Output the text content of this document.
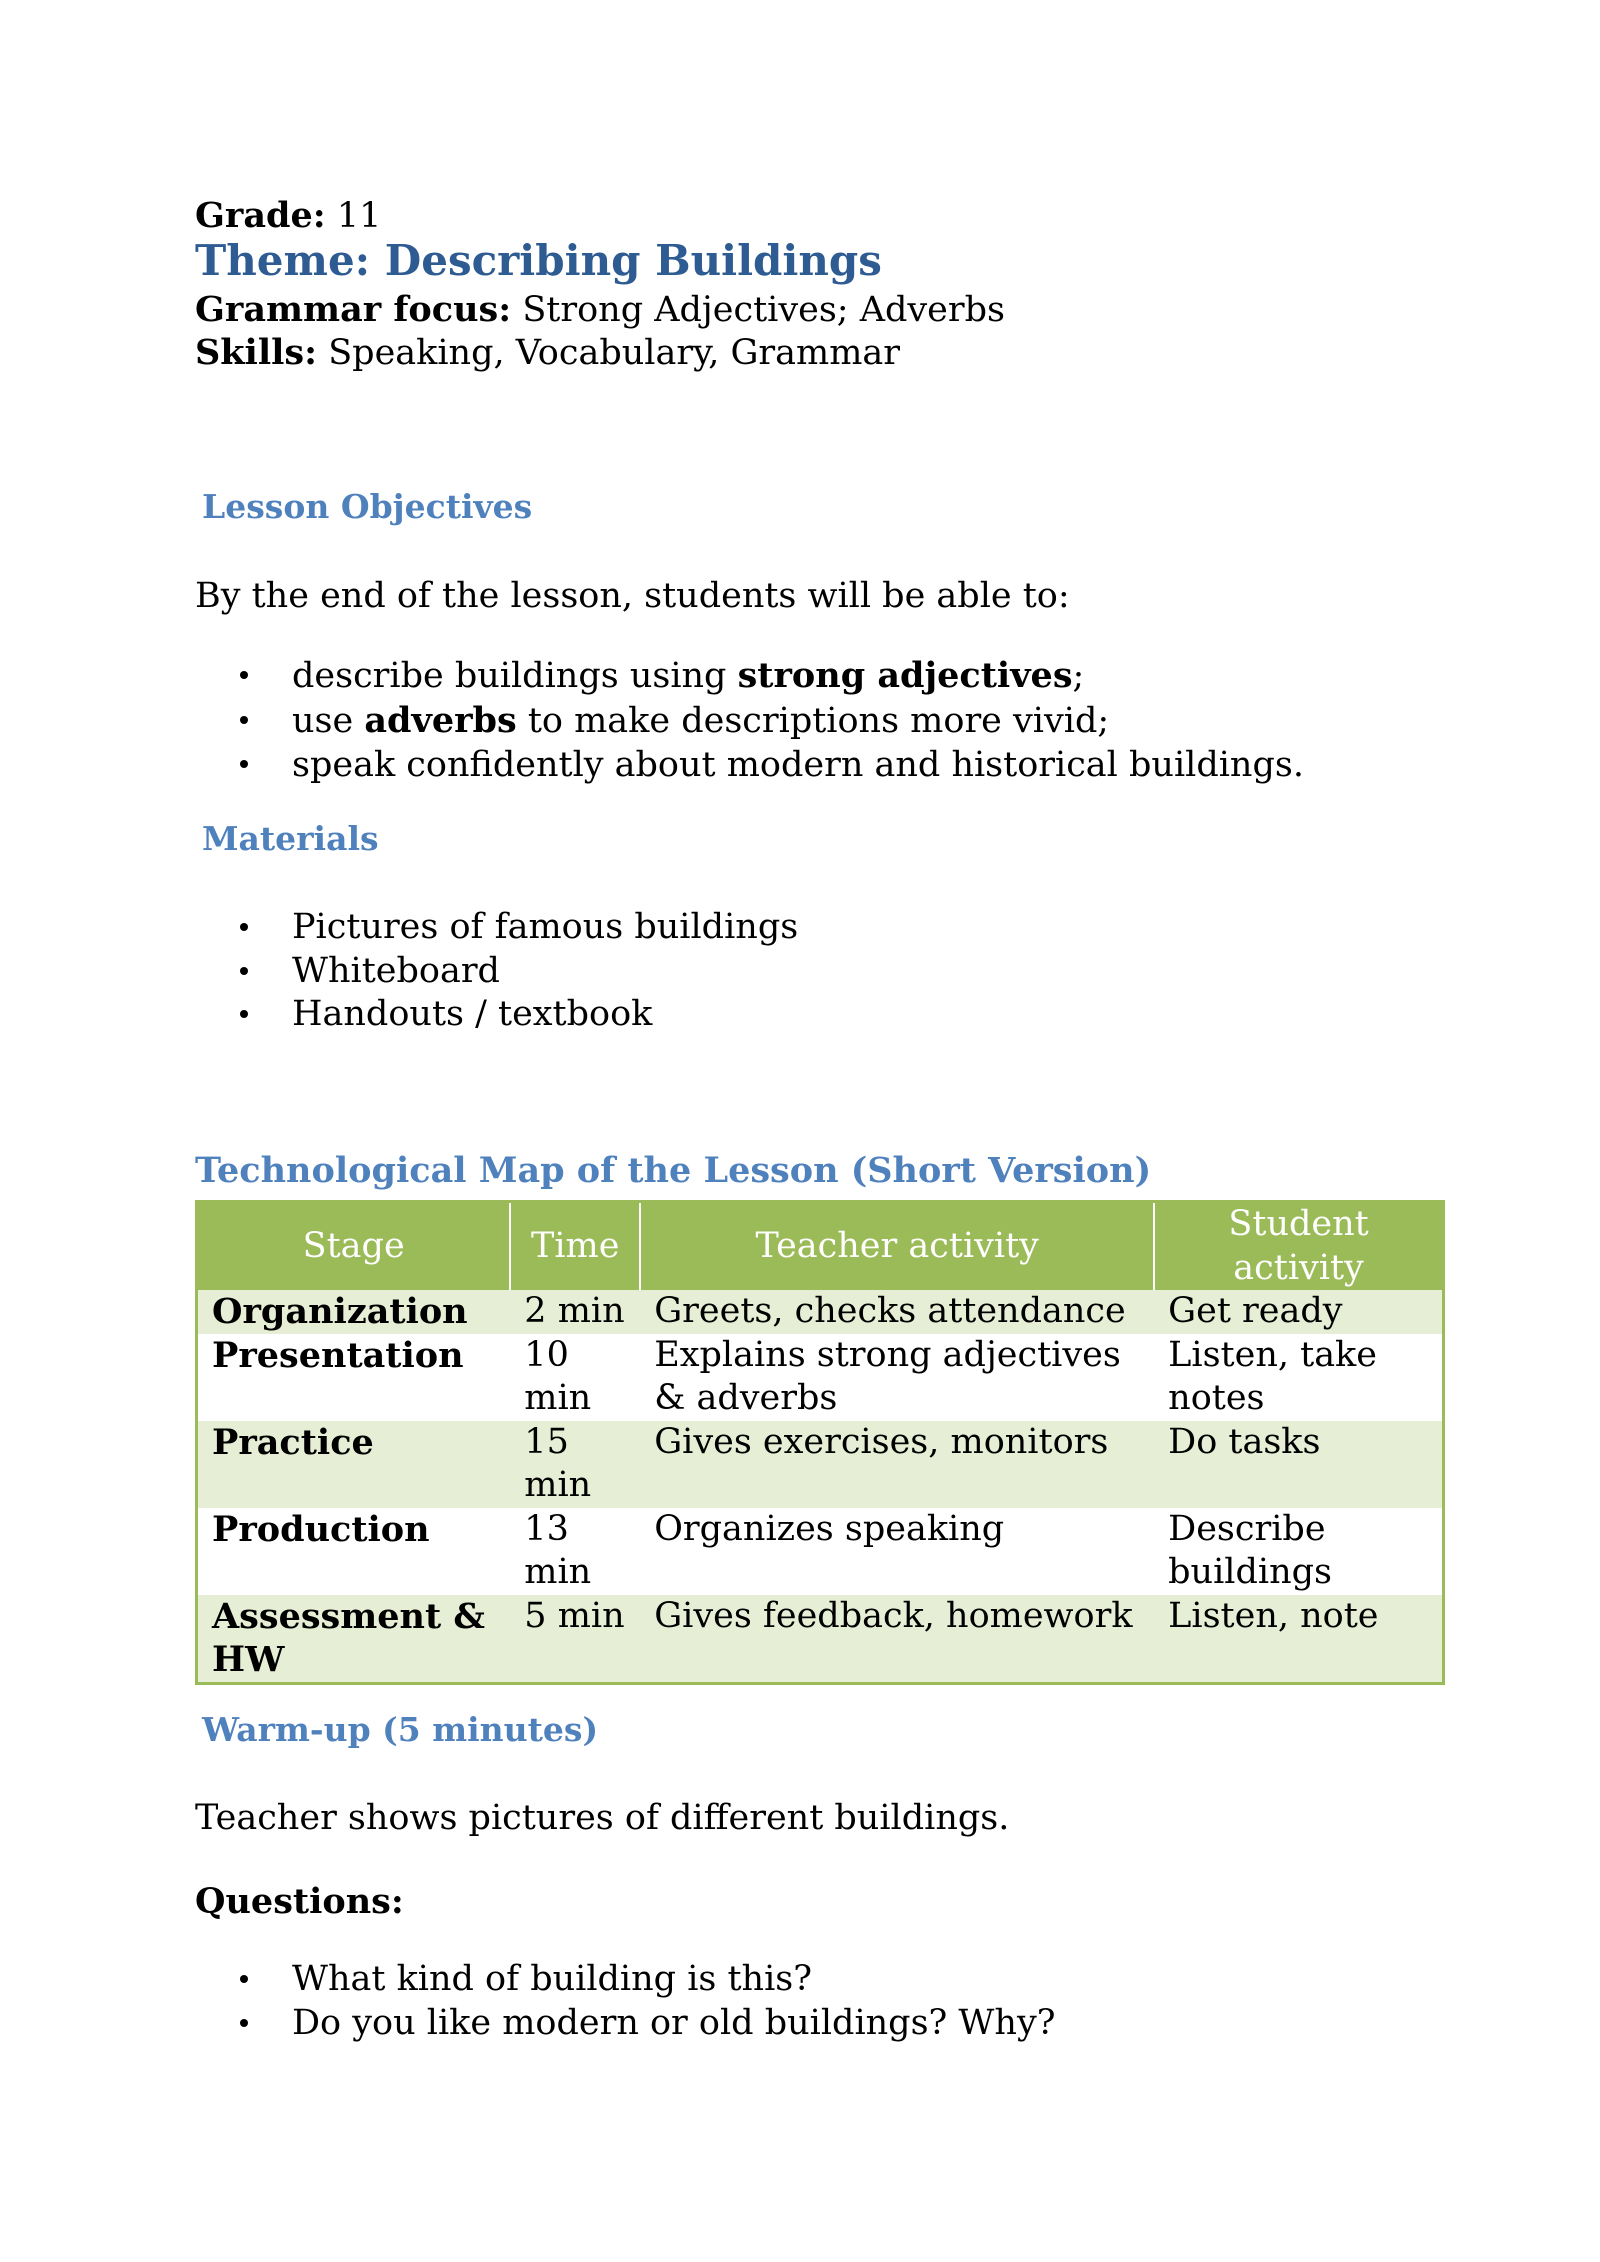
Grade: 11
Theme: Describing Buildings
Grammar focus: Strong Adjectives; Adverbs
Skills: Speaking, Vocabulary, Grammar
Lesson Objectives
By the end of the lesson, students will be able to:
describe buildings using strong adjectives;
use adverbs to make descriptions more vivid;
speak confidently about modern and historical buildings.
Materials
Pictures of famous buildings
Whiteboard
Handouts / textbook
Technological Map of the Lesson (Short Version)
Stage	Time	Teacher activity	Student activity
Organization	2 min	Greets, checks attendance	Get ready
Presentation	10 min	Explains strong adjectives & adverbs	Listen, take notes
Practice	15 min	Gives exercises, monitors	Do tasks
Production	13 min	Organizes speaking	Describe buildings
Assessment & HW	5 min	Gives feedback, homework	Listen, note
Warm-up (5 minutes)
Teacher shows pictures of different buildings.
Questions:
What kind of building is this?
Do you like modern or old buildings? Why?
